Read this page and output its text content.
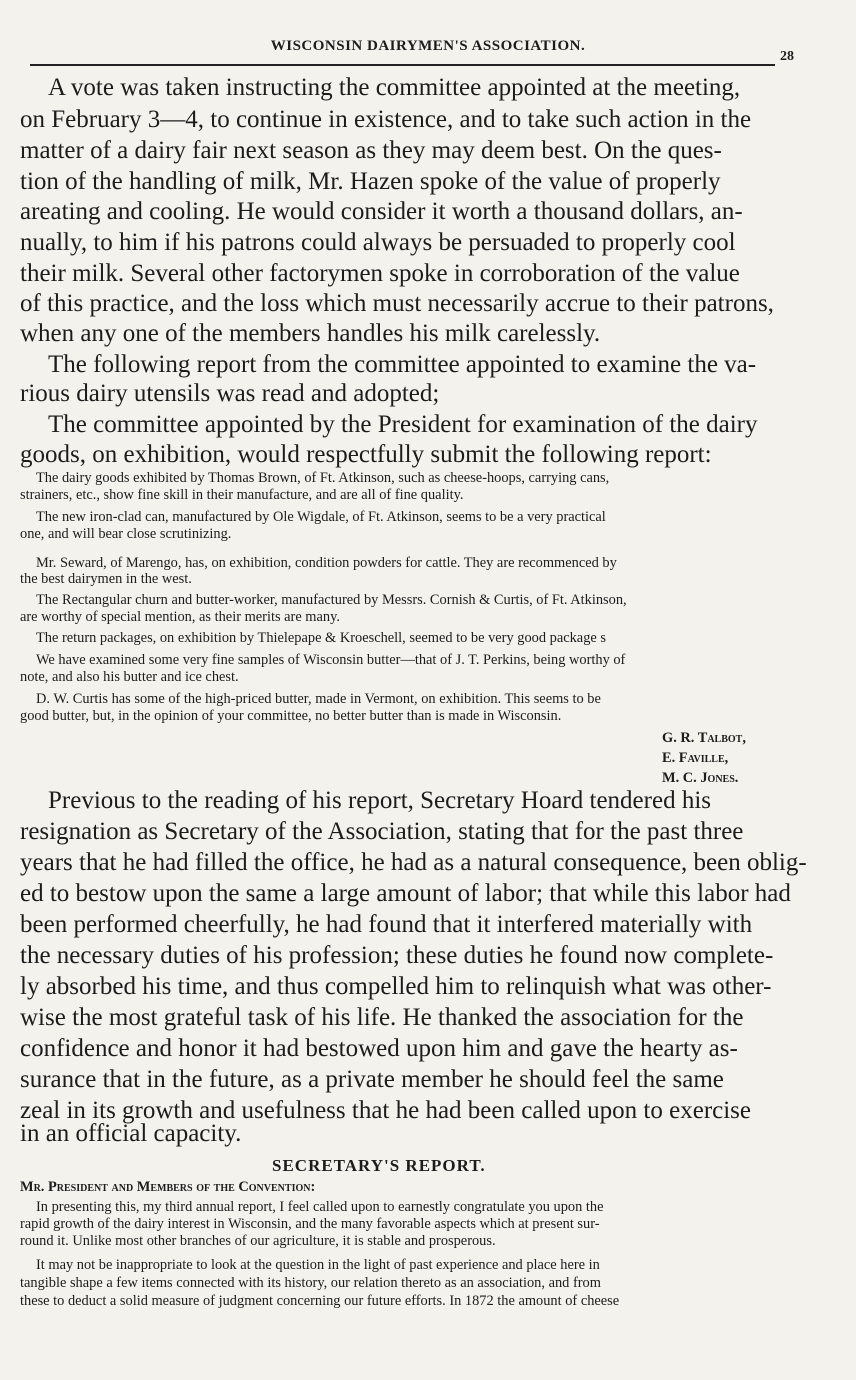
WISCONSIN DAIRYMEN'S ASSOCIATION.
28
A vote was taken instructing the committee appointed at the meeting,
on February 3—4, to continue in existence, and to take such action in the
matter of a dairy fair next season as they may deem best. On the ques-
tion of the handling of milk, Mr. Hazen spoke of the value of properly
areating and cooling. He would consider it worth a thousand dollars, an-
nually, to him if his patrons could always be persuaded to properly cool
their milk. Several other factorymen spoke in corroboration of the value
of this practice, and the loss which must necessarily accrue to their patrons,
when any one of the members handles his milk carelessly.
The following report from the committee appointed to examine the va-
rious dairy utensils was read and adopted;
The committee appointed by the President for examination of the dairy
goods, on exhibition, would respectfully submit the following report:
The dairy goods exhibited by Thomas Brown, of Ft. Atkinson, such as cheese-hoops, carrying cans,
strainers, etc., show fine skill in their manufacture, and are all of fine quality.
The new iron-clad can, manufactured by Ole Wigdale, of Ft. Atkinson, seems to be a very practical
one, and will bear close scrutinizing.
Mr. Seward, of Marengo, has, on exhibition, condition powders for cattle. They are recommenced by
the best dairymen in the west.
The Rectangular churn and butter-worker, manufactured by Messrs. Cornish & Curtis, of Ft. Atkinson,
are worthy of special mention, as their merits are many.
The return packages, on exhibition by Thielepape & Kroeschell, seemed to be very good package s
We have examined some very fine samples of Wisconsin butter—that of J. T. Perkins, being worthy of
note, and also his butter and ice chest.
D. W. Curtis has some of the high-priced butter, made in Vermont, on exhibition. This seems to be
good butter, but, in the opinion of your committee, no better butter than is made in Wisconsin.
G. R. Talbot,
E. Faville,
M. C. Jones.
Previous to the reading of his report, Secretary Hoard tendered his
resignation as Secretary of the Association, stating that for the past three
years that he had filled the office, he had as a natural consequence, been oblig-
ed to bestow upon the same a large amount of labor; that while this labor had
been performed cheerfully, he had found that it interfered materially with
the necessary duties of his profession; these duties he found now complete-
ly absorbed his time, and thus compelled him to relinquish what was other-
wise the most grateful task of his life. He thanked the association for the
confidence and honor it had bestowed upon him and gave the hearty as-
surance that in the future, as a private member he should feel the same
zeal in its growth and usefulness that he had been called upon to exercise
in an official capacity.
SECRETARY'S REPORT.
Mr. President and Members of the Convention:
In presenting this, my third annual report, I feel called upon to earnestly congratulate you upon the
rapid growth of the dairy interest in Wisconsin, and the many favorable aspects which at present sur-
round it. Unlike most other branches of our agriculture, it is stable and prosperous.
It may not be inappropriate to look at the question in the light of past experience and place here in
tangible shape a few items connected with its history, our relation thereto as an association, and from
these to deduct a solid measure of judgment concerning our future efforts. In 1872 the amount of cheese
